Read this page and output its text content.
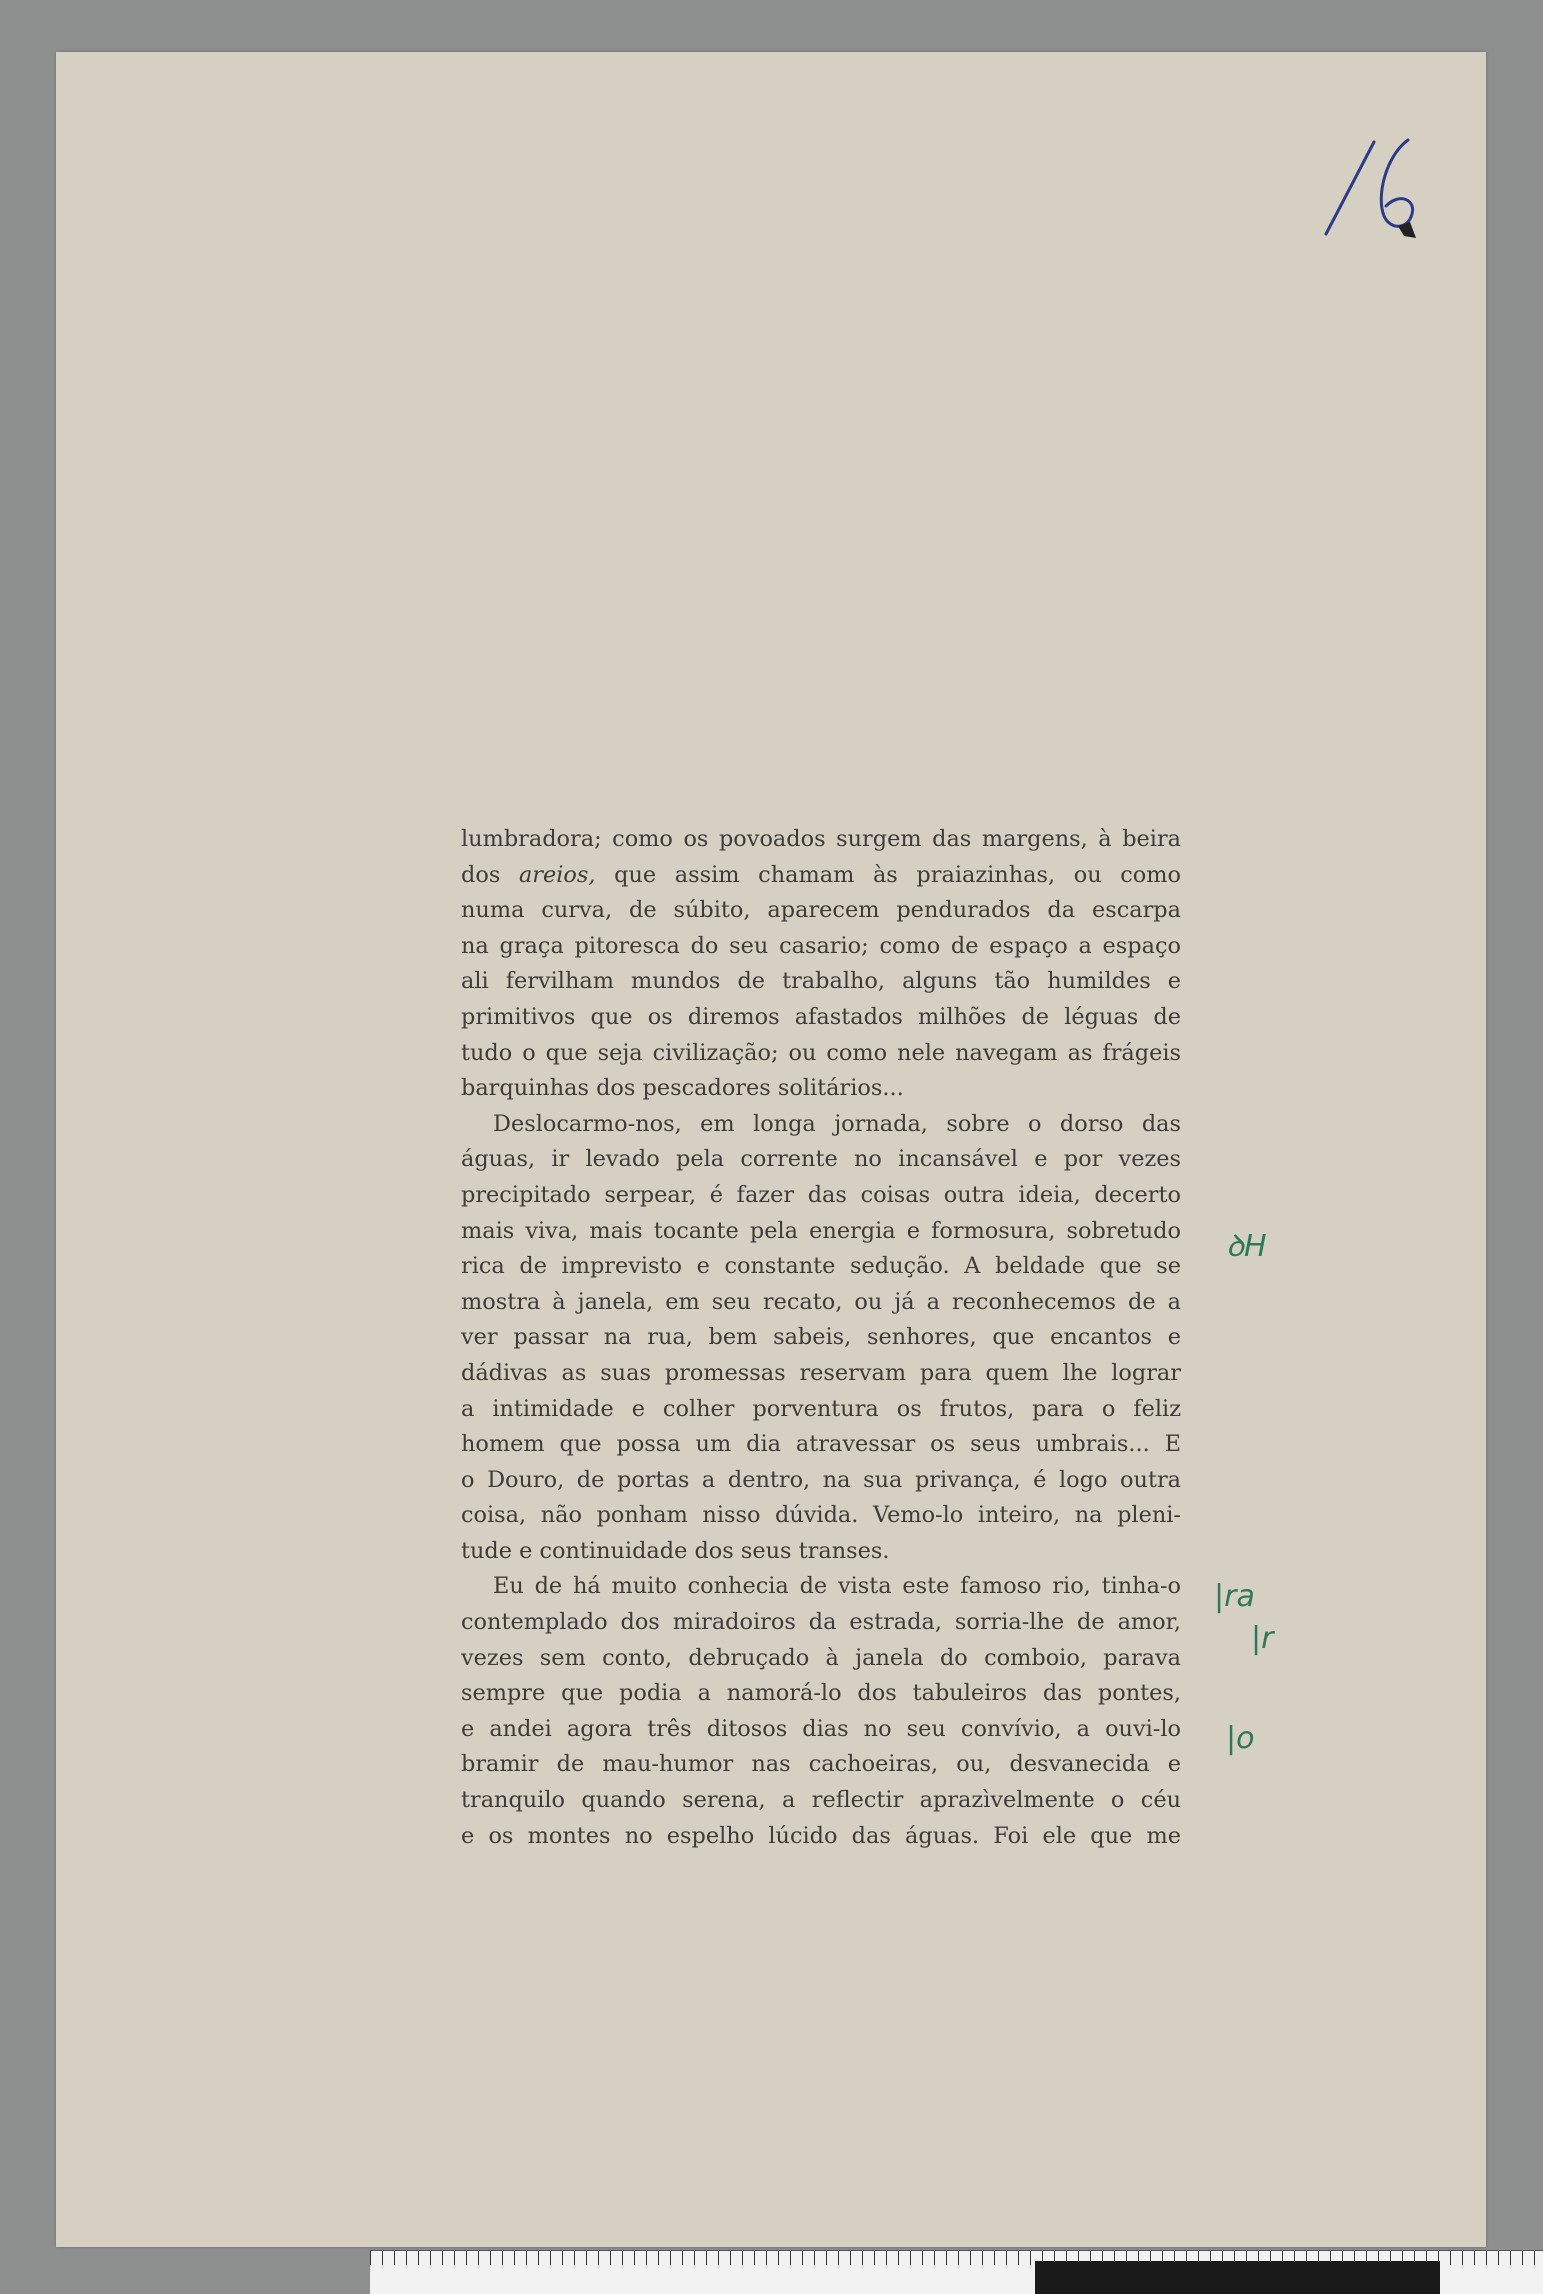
lumbradora; como os povoados surgem das margens, à beira
dos areios, que assim chamam às praiazinhas, ou como
numa curva, de súbito, aparecem pendurados da escarpa
na graça pitoresca do seu casario; como de espaço a espaço
ali fervilham mundos de trabalho, alguns tão humildes e
primitivos que os diremos afastados milhões de léguas de
tudo o que seja civilização; ou como nele navegam as frágeis
barquinhas dos pescadores solitários...
Deslocarmo-nos, em longa jornada, sobre o dorso das
águas, ir levado pela corrente no incansável e por vezes
precipitado serpear, é fazer das coisas outra ideia, decerto
mais viva, mais tocante pela energia e formosura, sobretudo
rica de imprevisto e constante sedução. A beldade que se
mostra à janela, em seu recato, ou já a reconhecemos de a
ver passar na rua, bem sabeis, senhores, que encantos e
dádivas as suas promessas reservam para quem lhe lograr
a intimidade e colher porventura os frutos, para o feliz
homem que possa um dia atravessar os seus umbrais... E
o Douro, de portas a dentro, na sua privança, é logo outra
coisa, não ponham nisso dúvida. Vemo-lo inteiro, na pleni-
tude e continuidade dos seus transes.
Eu de há muito conhecia de vista este famoso rio, tinha-o
contemplado dos miradoiros da estrada, sorria-lhe de amor,
vezes sem conto, debruçado à janela do comboio, parava
sempre que podia a namorá-lo dos tabuleiros das pontes,
e andei agora três ditosos dias no seu convívio, a ouvi-lo
bramir de mau-humor nas cachoeiras, ou, desvanecida e
tranquilo quando serena, a reflectir aprazìvelmente o céu
e os montes no espelho lúcido das águas. Foi ele que me
ꝺH
|ra
|r
|o
